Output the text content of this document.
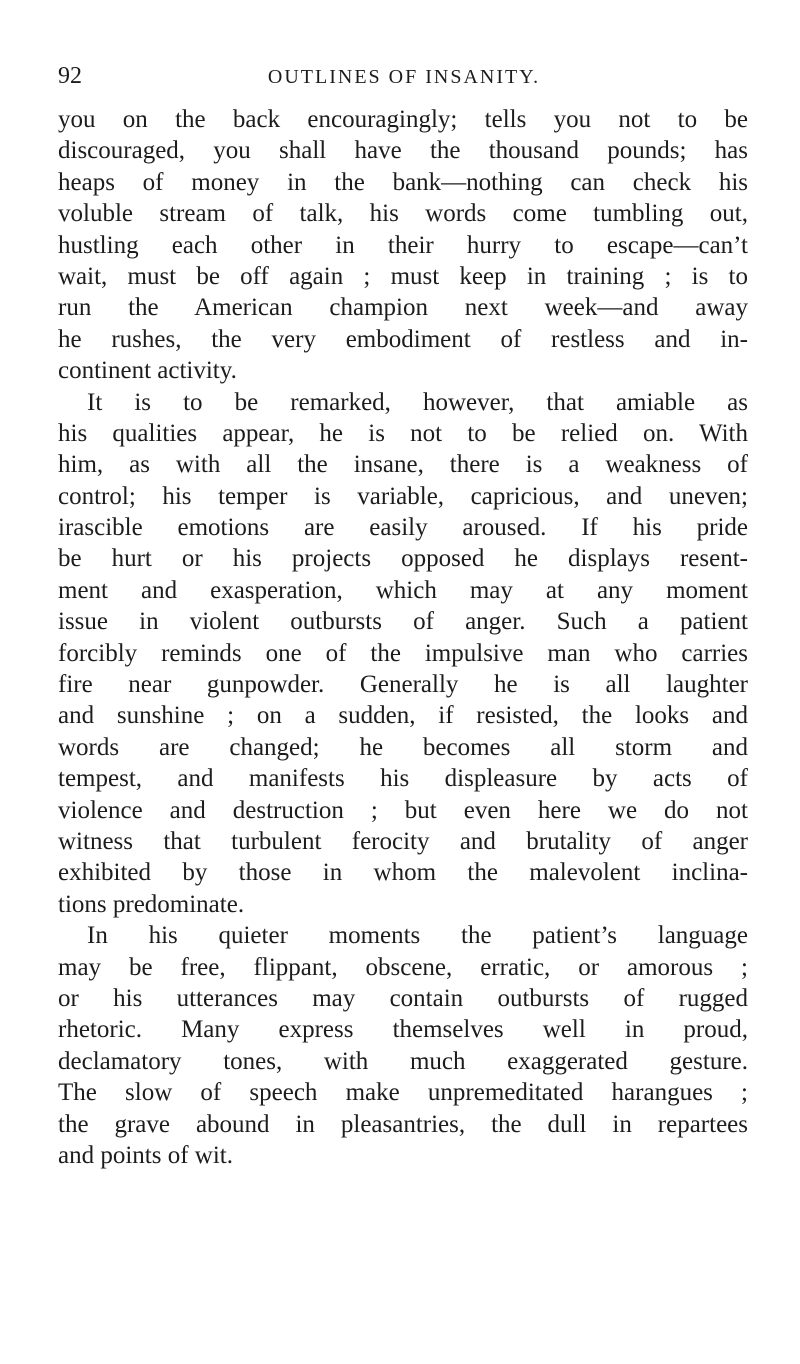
92	OUTLINES OF INSANITY.
you on the back encouragingly; tells you not to be
discouraged, you shall have the thousand pounds; has
heaps of money in the bank—nothing can check his
voluble stream of talk, his words come tumbling out,
hustling each other in their hurry to escape—can’t
wait, must be off again ; must keep in training ; is to
run the American champion next week—and away
he rushes, the very embodiment of restless and in-
continent activity.
It is to be remarked, however, that amiable as
his qualities appear, he is not to be relied on. With
him, as with all the insane, there is a weakness of
control; his temper is variable, capricious, and uneven;
irascible emotions are easily aroused. If his pride
be hurt or his projects opposed he displays resent-
ment and exasperation, which may at any moment
issue in violent outbursts of anger. Such a patient
forcibly reminds one of the impulsive man who carries
fire near gunpowder. Generally he is all laughter
and sunshine ; on a sudden, if resisted, the looks and
words are changed; he becomes all storm and
tempest, and manifests his displeasure by acts of
violence and destruction ; but even here we do not
witness that turbulent ferocity and brutality of anger
exhibited by those in whom the malevolent inclina-
tions predominate.
In his quieter moments the patient’s language
may be free, flippant, obscene, erratic, or amorous ;
or his utterances may contain outbursts of rugged
rhetoric. Many express themselves well in proud,
declamatory tones, with much exaggerated gesture.
The slow of speech make unpremeditated harangues ;
the grave abound in pleasantries, the dull in repartees
and points of wit.
